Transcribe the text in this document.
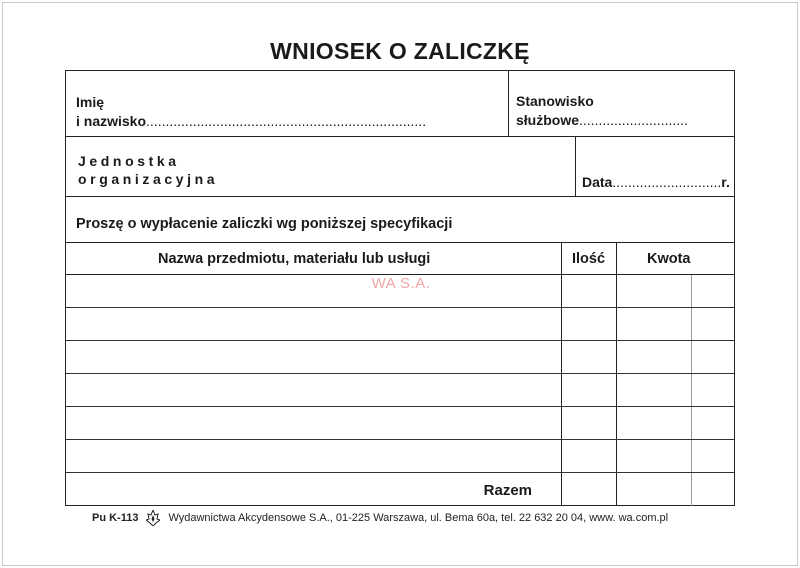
WNIOSEK O ZALICZKĘ
Imię
i nazwisko........................................................................
Stanowisko
służbowe............................
Jednostka
organizacyjna	Data............................r.
Proszę o wypłacenie zaliczki wg poniższej specyfikacji
Nazwa przedmiotu, materiału lub usługi	Ilość	Kwota
WA S.A.
Razem
Pu K-113	Wydawnictwa Akcydensowe S.A., 01-225 Warszawa, ul. Bema 60a, tel. 22 632 20 04, www. wa.com.pl
